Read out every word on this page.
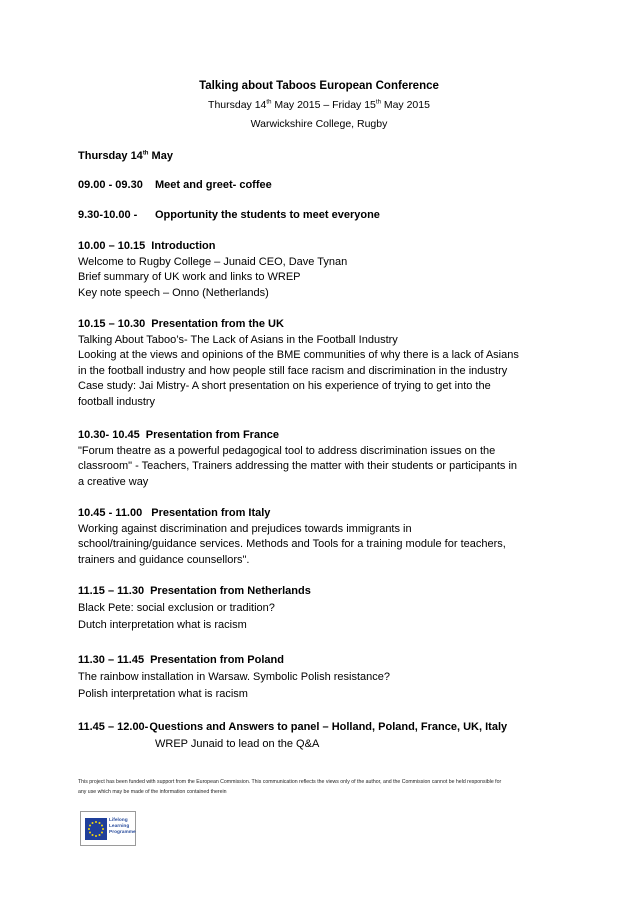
Talking about Taboos European Conference
Thursday 14th May 2015 – Friday 15th May 2015
Warwickshire College, Rugby
Thursday 14th May
09.00 - 09.30 Meet and greet- coffee
9.30-10.00 - Opportunity the students to meet everyone
10.00 – 10.15 Introduction
Welcome to Rugby College – Junaid CEO, Dave Tynan
Brief summary of UK work and links to WREP
Key note speech – Onno (Netherlands)
10.15 – 10.30 Presentation from the UK
Talking About Taboo’s- The Lack of Asians in the Football Industry
Looking at the views and opinions of the BME communities of why there is a lack of Asians
in the football industry and how people still face racism and discrimination in the industry
Case study: Jai Mistry- A short presentation on his experience of trying to get into the
football industry
10.30- 10.45 Presentation from France
"Forum theatre as a powerful pedagogical tool to address discrimination issues on the
classroom" - Teachers, Trainers addressing the matter with their students or participants in
a creative way
10.45 - 11.00 Presentation from Italy
Working against discrimination and prejudices towards immigrants in
school/training/guidance services. Methods and Tools for a training module for teachers,
trainers and guidance counsellors".
11.15 – 11.30 Presentation from Netherlands
Black Pete: social exclusion or tradition?
Dutch interpretation what is racism
11.30 – 11.45 Presentation from Poland
The rainbow installation in Warsaw. Symbolic Polish resistance?
Polish interpretation what is racism
11.45 – 12.00-Questions and Answers to panel – Holland, Poland, France, UK, Italy
WREP Junaid to lead on the Q&A
This project has been funded with support from the European Commission. This communication reflects the views only of the author, and the Commission cannot be held responsible for
any use which may be made of the information contained therein
Lifelong
Learning
Programme
